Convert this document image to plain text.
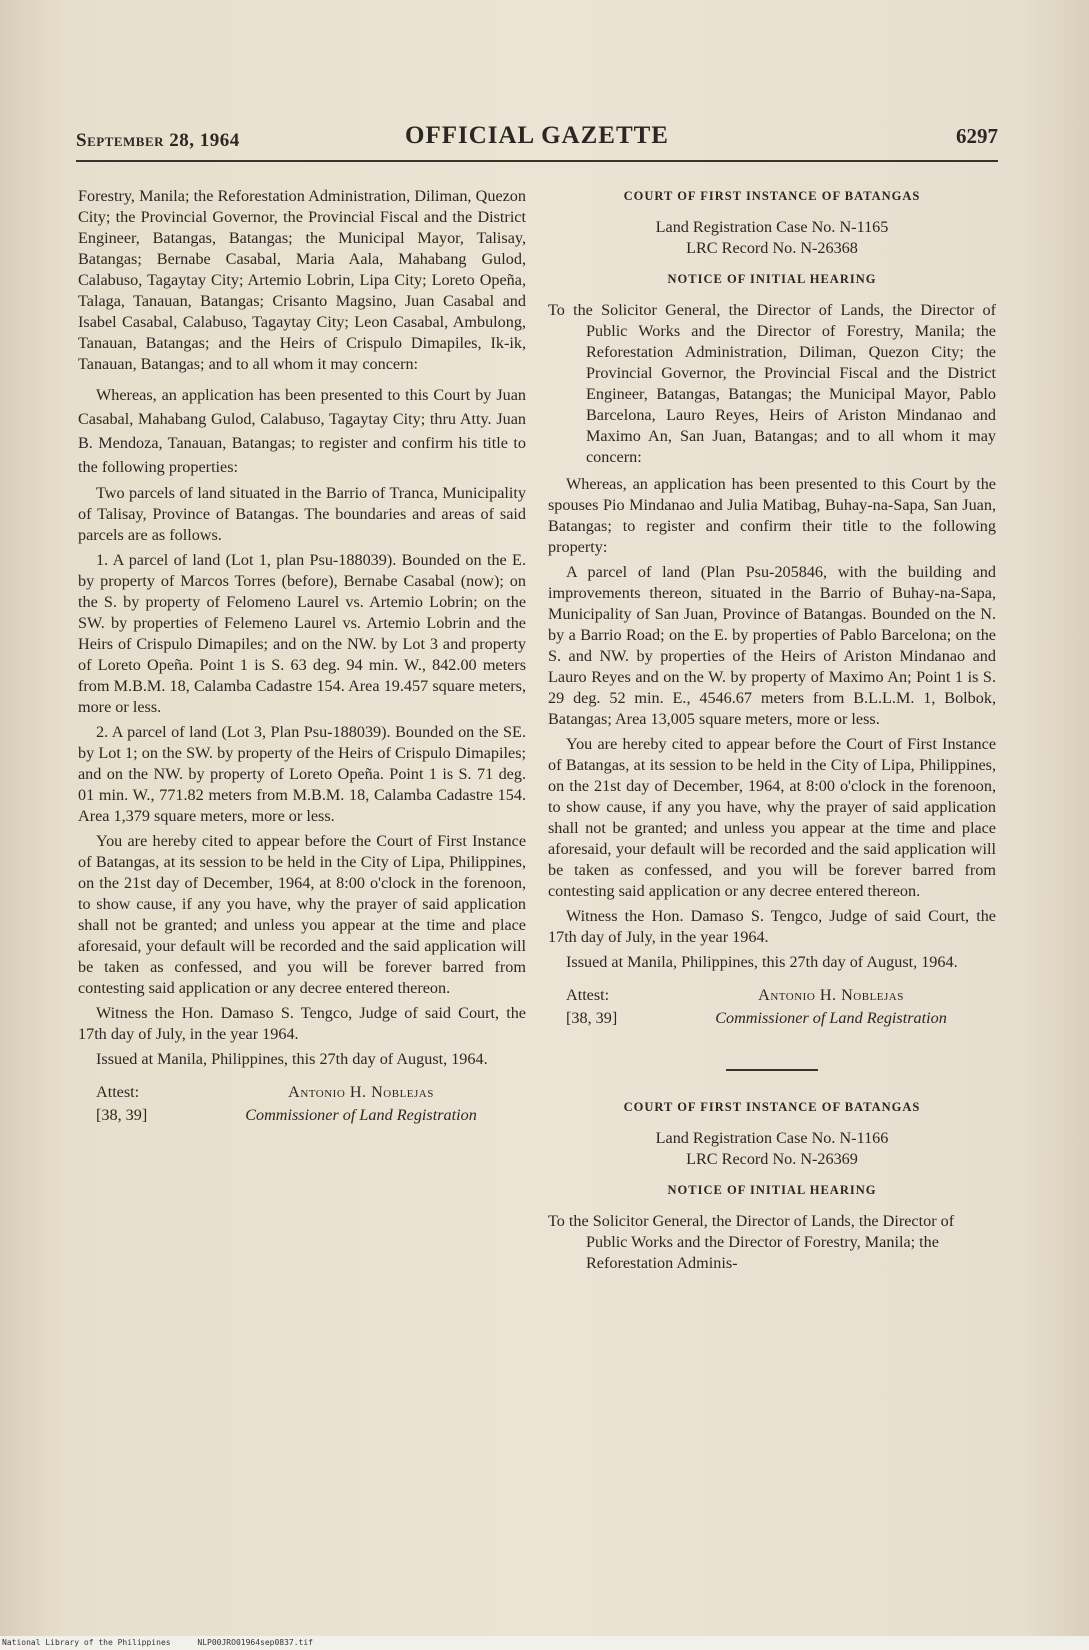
September 28, 1964	OFFICIAL GAZETTE	6297

Forestry, Manila; the Reforestation Administration, Diliman, Quezon City; the Provincial Governor, the Provincial Fiscal and the District Engineer, Batangas, Batangas; the Municipal Mayor, Talisay, Batangas; Bernabe Casabal, Maria Aala, Mahabang Gulod, Calabuso, Tagaytay City; Artemio Lobrin, Lipa City; Loreto Opeña, Talaga, Tanauan, Batangas; Crisanto Magsino, Juan Casabal and Isabel Casabal, Calabuso, Tagaytay City; Leon Casabal, Ambulong, Tanauan, Batangas; and the Heirs of Crispulo Dimapiles, Ik-ik, Tanauan, Batangas; and to all whom it may concern:

Whereas, an application has been presented to this Court by Juan Casabal, Mahabang Gulod, Calabuso, Tagaytay City; thru Atty. Juan B. Mendoza, Tanauan, Batangas; to register and confirm his title to the following properties:

Two parcels of land situated in the Barrio of Tranca, Municipality of Talisay, Province of Batangas. The boundaries and areas of said parcels are as follows.

1. A parcel of land (Lot 1, plan Psu-188039). Bounded on the E. by property of Marcos Torres (before), Bernabe Casabal (now); on the S. by property of Felomeno Laurel vs. Artemio Lobrin; on the SW. by properties of Felemeno Laurel vs. Artemio Lobrin and the Heirs of Crispulo Dimapiles; and on the NW. by Lot 3 and property of Loreto Opeña. Point 1 is S. 63 deg. 94 min. W., 842.00 meters from M.B.M. 18, Calamba Cadastre 154. Area 19.457 square meters, more or less.

2. A parcel of land (Lot 3, Plan Psu-188039). Bounded on the SE. by Lot 1; on the SW. by property of the Heirs of Crispulo Dimapiles; and on the NW. by property of Loreto Opeña. Point 1 is S. 71 deg. 01 min. W., 771.82 meters from M.B.M. 18, Calamba Cadastre 154. Area 1,379 square meters, more or less.

You are hereby cited to appear before the Court of First Instance of Batangas, at its session to be held in the City of Lipa, Philippines, on the 21st day of December, 1964, at 8:00 o'clock in the forenoon, to show cause, if any you have, why the prayer of said application shall not be granted; and unless you appear at the time and place aforesaid, your default will be recorded and the said application will be taken as confessed, and you will be forever barred from contesting said application or any decree entered thereon.

Witness the Hon. Damaso S. Tengco, Judge of said Court, the 17th day of July, in the year 1964.

Issued at Manila, Philippines, this 27th day of August, 1964.

Attest:	Antonio H. Noblejas
[38, 39]	Commissioner of Land Registration
COURT OF FIRST INSTANCE OF BATANGAS
Land Registration Case No. N-1165
LRC Record No. N-26368
NOTICE OF INITIAL HEARING

To the Solicitor General, the Director of Lands, the Director of Public Works and the Director of Forestry, Manila; the Reforestation Administration, Diliman, Quezon City; the Provincial Governor, the Provincial Fiscal and the District Engineer, Batangas, Batangas; the Municipal Mayor, Pablo Barcelona, Lauro Reyes, Heirs of Ariston Mindanao and Maximo An, San Juan, Batangas; and to all whom it may concern:

Whereas, an application has been presented to this Court by the spouses Pio Mindanao and Julia Matibag, Buhay-na-Sapa, San Juan, Batangas; to register and confirm their title to the following property:

A parcel of land (Plan Psu-205846, with the building and improvements thereon, situated in the Barrio of Buhay-na-Sapa, Municipality of San Juan, Province of Batangas. Bounded on the N. by a Barrio Road; on the E. by properties of Pablo Barcelona; on the S. and NW. by properties of the Heirs of Ariston Mindanao and Lauro Reyes and on the W. by property of Maximo An; Point 1 is S. 29 deg. 52 min. E., 4546.67 meters from B.L.L.M. 1, Bolbok, Batangas; Area 13,005 square meters, more or less.

You are hereby cited to appear before the Court of First Instance of Batangas, at its session to be held in the City of Lipa, Philippines, on the 21st day of December, 1964, at 8:00 o'clock in the forenoon, to show cause, if any you have, why the prayer of said application shall not be granted; and unless you appear at the time and place aforesaid, your default will be recorded and the said application will be taken as confessed, and you will be forever barred from contesting said application or any decree entered thereon.

Witness the Hon. Damaso S. Tengco, Judge of said Court, the 17th day of July, in the year 1964.

Issued at Manila, Philippines, this 27th day of August, 1964.

Attest:	Antonio H. Noblejas
[38, 39]	Commissioner of Land Registration
COURT OF FIRST INSTANCE OF BATANGAS
Land Registration Case No. N-1166
LRC Record No. N-26369
NOTICE OF INITIAL HEARING

To the Solicitor General, the Director of Lands, the Director of Public Works and the Director of Forestry, Manila; the Reforestation Adminis-

National Library of the Philippines	NLP00JRO01964sep0837.tif
